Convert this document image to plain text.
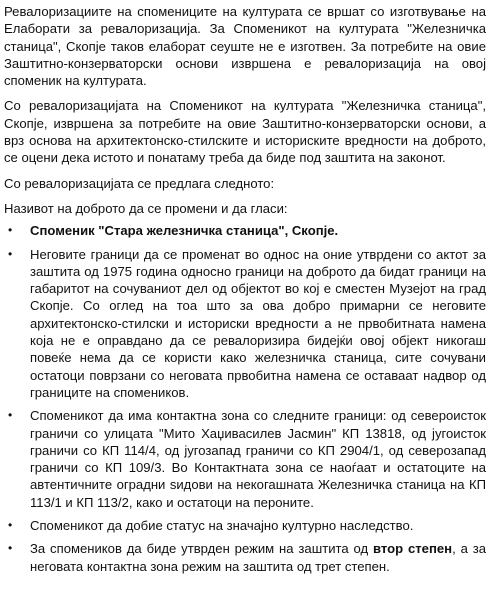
Ревалоризациите на спомениците на културата се вршат со изготвување на Елаборати за ревалоризација. За Споменикот на културата "Железничка станица", Скопје таков елаборат сеуште не е изготвен. За потребите на овие Заштитно-конзерваторски основи извршена е ревалоризација на овој споменик на културата.

Со ревалоризацијата на Споменикот на културата "Железничка станица", Скопје, извршена за потребите на овие Заштитно-конзерваторски основи, а врз основа на архитектонско-стилските и историските вредности на доброто, се оцени дека истото и понатаму треба да биде под заштита на законот.

Со ревалоризацијата се предлага следното:

Називот на доброто да се промени и да гласи:

• Споменик "Стара железничка станица", Скопје.
• Неговите граници да се променат во однос на оние утврдени со актот за заштита од 1975 година односно граници на доброто да бидат граници на габаритот на сочуваниот дел од објектот во кој е сместен Музејот на град Скопје. Со оглед на тоа што за ова добро примарни се неговите архитектонско-стилски и историски вредности а не првобитната намена која не е оправдано да се ревалоризира бидејќи овој објект никогаш повеќе нема да се користи како железничка станица, сите сочувани остатоци поврзани со неговата првобитна намена се оставаат надвор од границите на спомеников.
• Споменикот да има контактна зона со следните граници: од североисток граничи со улицата "Мито Хаџивасилев Јасмин" КП 13818, од југоисток граничи со КП 114/4, од југозапад граничи со КП 2904/1, од северозапад граничи со КП 109/3. Во Контактната зона се наоѓаат и остатоците на автентичните оградни ѕидови на некогашната Железничка станица на КП 113/1 и КП 113/2, како и остатоци на пероните.
• Споменикот да добие статус на значајно културно наследство.
• За спомеников да биде утврден режим на заштита од втор степен, а за неговата контактна зона режим на заштита од трет степен.
